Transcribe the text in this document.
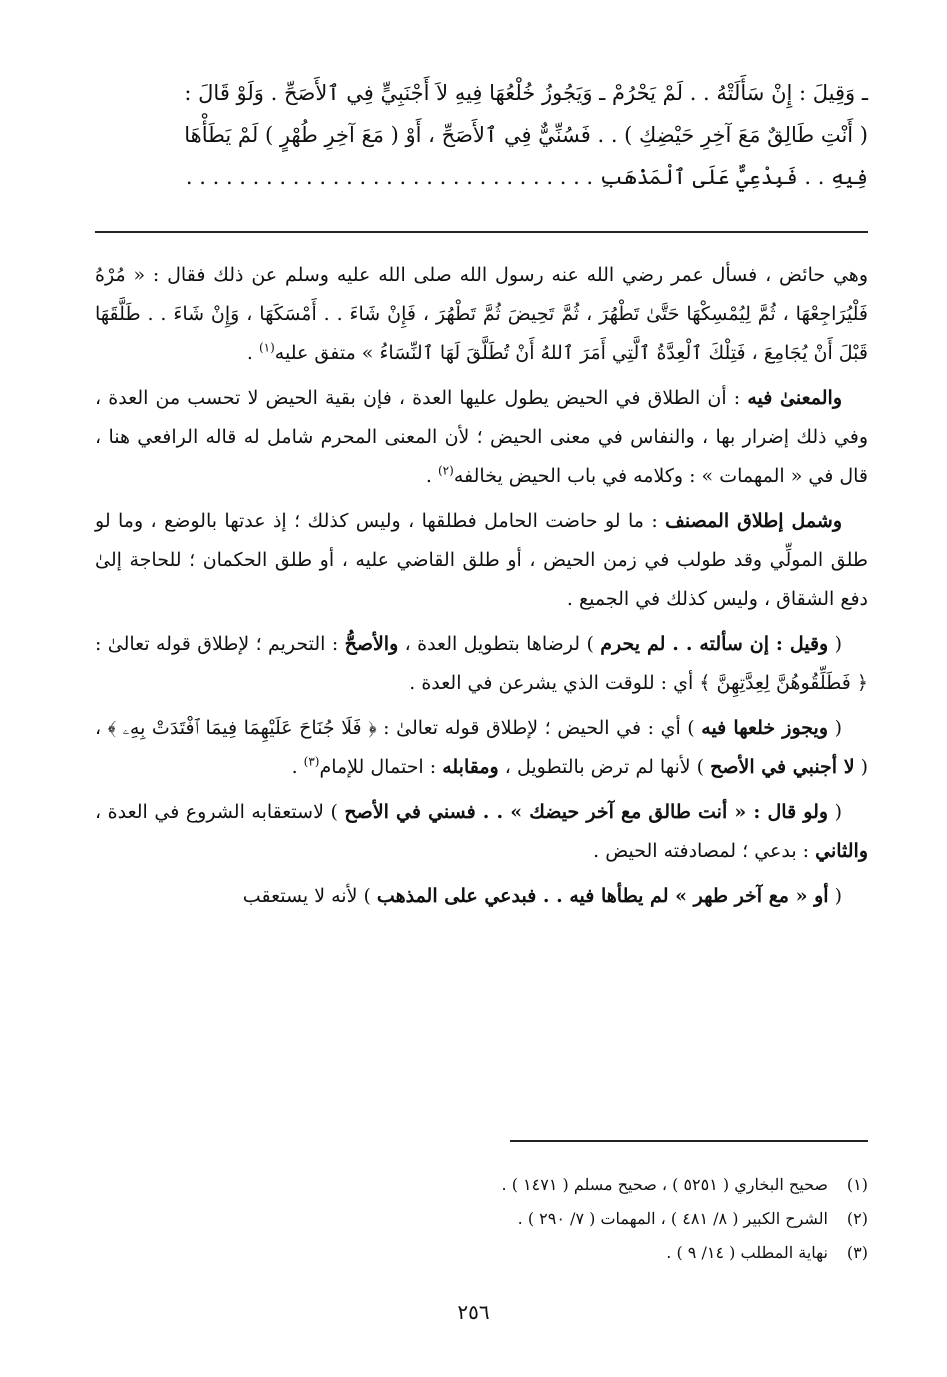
ـ وَقِيلَ : إِنْ سَأَلَتْهُ . . لَمْ يَحْرُمْ ـ وَيَجُوزُ خُلْعُهَا فِيهِ لاَ أَجْنَبِيٍّ فِي ٱلأَصَحِّ . وَلَوْ قَالَ :

( أَنْتِ طَالِقٌ مَعَ آخِرِ حَيْضِكِ ) . . فَسُنِّيٌّ فِي ٱلأَصَحِّ ، أَوْ ( مَعَ آخِرِ طُهْرٍ ) لَمْ يَطَأْهَا

فِيهِ . . فَبِدْعِيٌّ عَلَى ٱلْمَذْهَبِ . . . . . . . . . . . . . . . . . . . . . . . . . . . . . . .

وهي حائض ، فسأل عمر رضي الله عنه رسول الله صلى الله عليه وسلم عن ذلك فقال : « مُرْهُ فَلْيُرَاجِعْهَا ، ثُمَّ لِيُمْسِكْهَا حَتَّىٰ تَطْهُرَ ، ثُمَّ تَحِيضَ ثُمَّ تَطْهُرَ ، فَإِنْ شَاءَ . . أَمْسَكَهَا ، وَإِنْ شَاءَ . . طَلَّقَهَا قَبْلَ أَنْ يُجَامِعَ ، فَتِلْكَ ٱلْعِدَّةُ ٱلَّتِي أَمَرَ ٱللهُ أَنْ تُطَلَّقَ لَهَا ٱلنِّسَاءُ » متفق عليه$^{(١)}$ .

والمعنىٰ فيه : أن الطلاق في الحيض يطول عليها العدة ، فإن بقية الحيض لا تحسب من العدة ، وفي ذلك إضرار بها ، والنفاس في معنى الحيض ؛ لأن المعنى المحرم شامل له قاله الرافعي هنا ، قال في « المهمات » : وكلامه في باب الحيض يخالفه$^{(٢)}$ .

وشمل إطلاق المصنف : ما لو حاضت الحامل فطلقها ، وليس كذلك ؛ إذ عدتها بالوضع ، وما لو طلق المولِّي وقد طولب في زمن الحيض ، أو طلق القاضي عليه ، أو طلق الحكمان ؛ للحاجة إلىٰ دفع الشقاق ، وليس كذلك في الجميع .

( وقيل : إن سألته . . لم يحرم ) لرضاها بتطويل العدة ، والأصحُّ : التحريم ؛ لإطلاق قوله تعالىٰ : ﴿ فَطَلِّقُوهُنَّ لِعِدَّتِهِنَّ ﴾ أي : للوقت الذي يشرعن في العدة .

( ويجوز خلعها فيه ) أي : في الحيض ؛ لإطلاق قوله تعالىٰ : ﴿ فَلَا جُنَاحَ عَلَيْهِمَا فِيمَا ٱفْتَدَتْ بِهِۦ ﴾ ، ( لا أجنبي في الأصح ) لأنها لم ترض بالتطويل ، ومقابله : احتمال للإمام$^{(٣)}$ .

( ولو قال : « أنت طالق مع آخر حيضك » . . فسني في الأصح ) لاستعقابه الشروع في العدة ، والثاني : بدعي ؛ لمصادفته الحيض .

( أو « مع آخر طهر » لم يطأها فيه . . فبدعي على المذهب ) لأنه لا يستعقب

(١)صحيح البخاري ( ٥٢٥١ ) ، صحيح مسلم ( ١٤٧١ ) .

(٢)الشرح الكبير ( ٨/ ٤٨١ ) ، المهمات ( ٧/ ٢٩٠ ) .

(٣)نهاية المطلب ( ١٤/ ٩ ) .

٢٥٦
